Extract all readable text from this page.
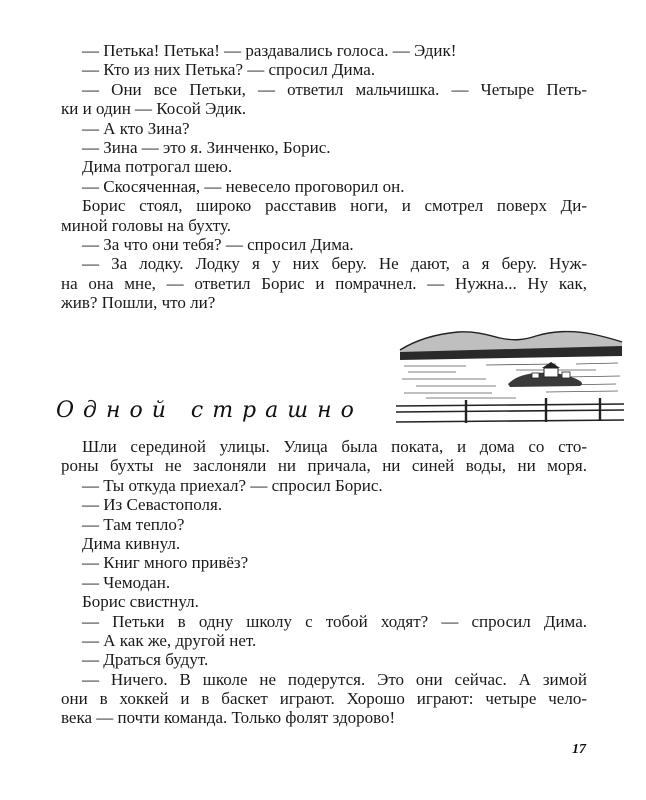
— Петька! Петька! — раздавались голоса. — Эдик!
— Кто из них Петька? — спросил Дима.
— Они все Петьки, — ответил мальчишка. — Четыре Петь-
ки и один — Косой Эдик.
— А кто Зина?
— Зина — это я. Зинченко, Борис.
Дима потрогал шею.
— Скосяченная, — невесело проговорил он.
Борис стоял, широко расставив ноги, и смотрел поверх Ди-
миной головы на бухту.
— За что они тебя? — спросил Дима.
— За лодку. Лодку я у них беру. Не дают, а я беру. Нуж-
на она мне, — ответил Борис и помрачнел. — Нужна... Ну как,
жив? Пошли, что ли?
Одной страшно
Шли серединой улицы. Улица была поката, и дома со сто-
роны бухты не заслоняли ни причала, ни синей воды, ни моря.
— Ты откуда приехал? — спросил Борис.
— Из Севастополя.
— Там тепло?
Дима кивнул.
— Книг много привёз?
— Чемодан.
Борис свистнул.
— Петьки в одну школу с тобой ходят? — спросил Дима.
— А как же, другой нет.
— Драться будут.
— Ничего. В школе не подерутся. Это они сейчас. А зимой
они в хоккей и в баскет играют. Хорошо играют: четыре чело-
века — почти команда. Только фолят здорово!
17
